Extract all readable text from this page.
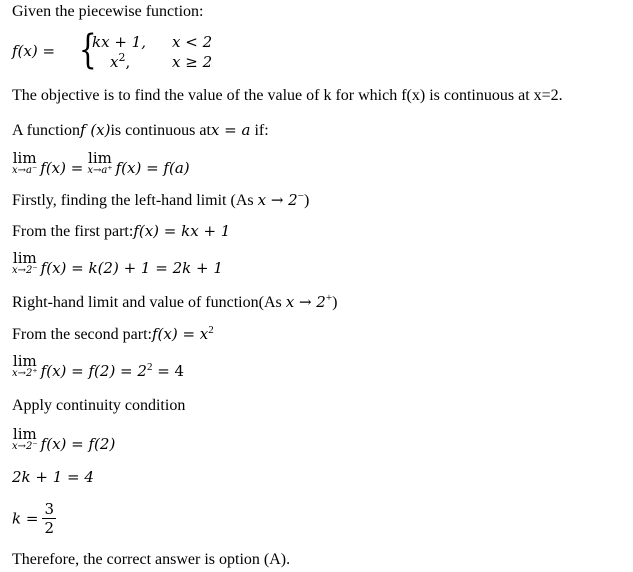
Given the piecewise function:
f(x) = {
kx + 1, x < 2
$x^2$,	x ≥ 2
The objective is to find the value of the value of k for which f(x) is continuous at x=2.
A functionf (x)is continuous atx = a if:
lim
x→a⁻ f(x) =
lim
x→a⁺ f(x) = f(a)
Firstly, finding the left-hand limit (As x → 2−)
From the first part:f(x) = kx + 1
lim
x→2⁻ f(x) = k(2) + 1 = 2k + 1
Right-hand limit and value of function(As x → 2+)
From the second part:f(x) = $x^2$
lim
x→2⁺ $f(x) = f(2) = 2^2 = 4$
Apply continuity condition
lim
x→2⁻ f(x) = f(2)
2k + 1 = 4
$k = \frac{3}{2}$
Therefore, the correct answer is option (A).
